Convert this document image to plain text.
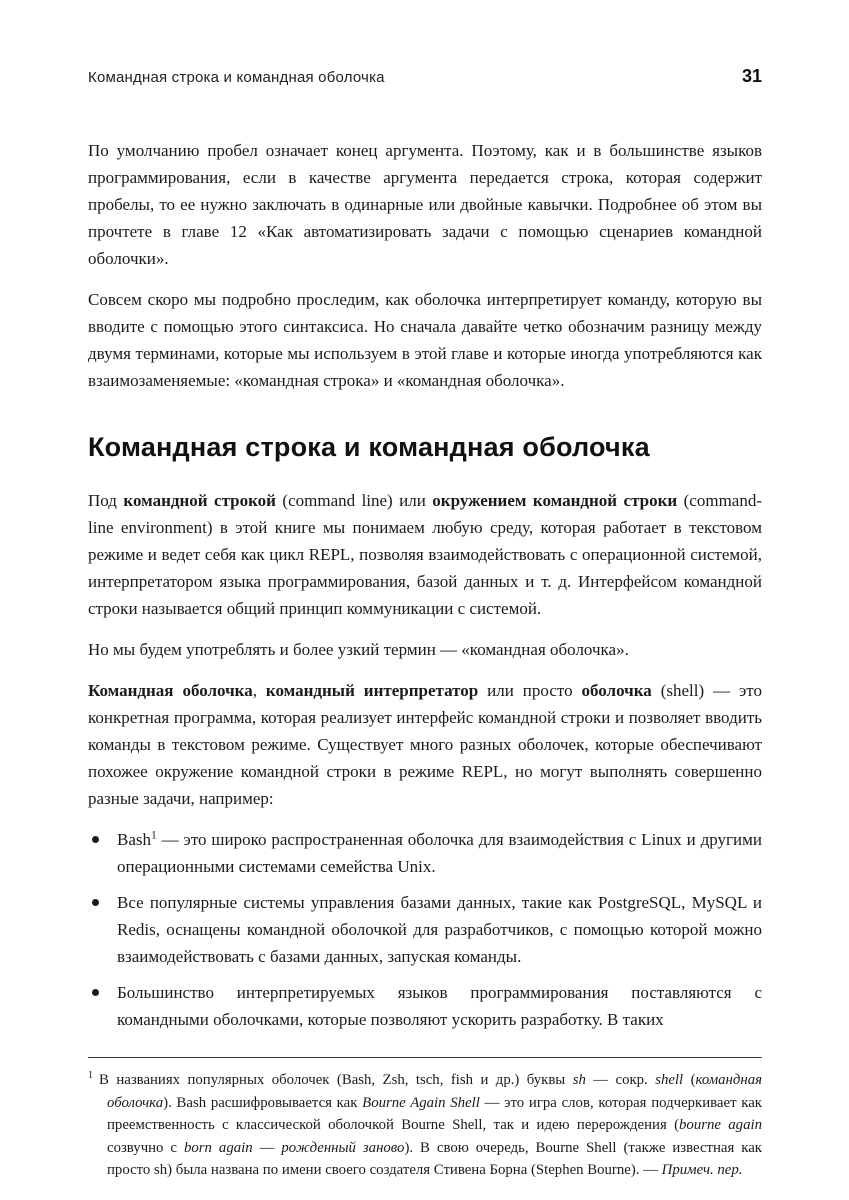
Командная строка и командная оболочка	31

По умолчанию пробел означает конец аргумента. Поэтому, как и в большинстве языков программирования, если в качестве аргумента передается строка, которая содержит пробелы, то ее нужно заключать в одинарные или двойные кавычки. Подробнее об этом вы прочтете в главе 12 «Как автоматизировать задачи с помощью сценариев командной оболочки».

Совсем скоро мы подробно проследим, как оболочка интерпретирует команду, которую вы вводите с помощью этого синтаксиса. Но сначала давайте четко обозначим разницу между двумя терминами, которые мы используем в этой главе и которые иногда употребляются как взаимозаменяемые: «командная строка» и «командная оболочка».

Командная строка и командная оболочка

Под командной строкой (command line) или окружением командной строки (command-line environment) в этой книге мы понимаем любую среду, которая работает в текстовом режиме и ведет себя как цикл REPL, позволяя взаимодействовать с операционной системой, интерпретатором языка программирования, базой данных и т. д. Интерфейсом командной строки называется общий принцип коммуникации с системой.

Но мы будем употреблять и более узкий термин — «командная оболочка».

Командная оболочка, командный интерпретатор или просто оболочка (shell) — это конкретная программа, которая реализует интерфейс командной строки и позволяет вводить команды в текстовом режиме. Существует много разных оболочек, которые обеспечивают похожее окружение командной строки в режиме REPL, но могут выполнять совершенно разные задачи, например:

Bash$^1$ — это широко распространенная оболочка для взаимодействия с Linux и другими операционными системами семейства Unix.
Все популярные системы управления базами данных, такие как PostgreSQL, MySQL и Redis, оснащены командной оболочкой для разработчиков, с помощью которой можно взаимодействовать с базами данных, запуская команды.
Большинство интерпретируемых языков программирования поставляются с командными оболочками, которые позволяют ускорить разработку. В таких

$^1$ В названиях популярных оболочек (Bash, Zsh, tsch, fish и др.) буквы sh — сокр. shell (командная оболочка). Bash расшифровывается как Bourne Again Shell — это игра слов, которая подчеркивает как преемственность с классической оболочкой Bourne Shell, так и идею перерождения (bourne again созвучно с born again — рожденный заново). В свою очередь, Bourne Shell (также известная как просто sh) была названа по имени своего создателя Стивена Борна (Stephen Bourne). — Примеч. пер.
